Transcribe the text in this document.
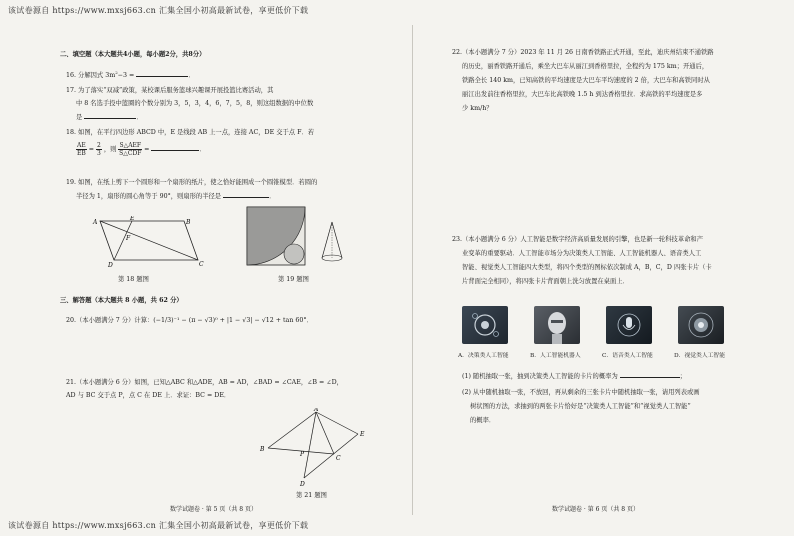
该试卷源自 https://www.mxsj663.cn 汇集全国小初高最新试卷，享更低价下载
二、填空题（本大题共4小题，每小题2分，共8分）
16. 分解因式 $3m^2-3$ =	．
17. 为了落实“双减”政策，某校课后服务篮球兴趣课开展投篮比赛活动，其
中 8 名选手投中篮圈的个数分别为 3，5，3，4，6，7，5，8，则这组数据的中位数
是	．
18. 如图，在平行四边形 ABCD 中，E 是线段 AB 上一点，连接 AC，DE 交于点 F．若
$\frac{AE}{EB} = \frac{2}{3}$ ，则 $\frac{\text{S△AEF}}{\text{S△CDF}}$ =	．
19. 如图，在纸上剪下一个圆形和一个扇形的纸片，使之恰好能围成一个圆锥模型．若圆的
半径为 1，扇形的圆心角等于 90°，则扇形的半径是	．
A	B
C
D
E
F
第 18 题图	第 19 题图
三、解答题（本大题共 8 小题，共 62 分）
20.（本小题满分 7 分）计算：(−1/3)⁻¹ − (π − √3)⁰ + |1 − √3| − √12 + tan 60°．
21.（本小题满分 6 分）如图，已知△ABC 和△ADE，AB = AD，∠BAD = ∠CAE，∠B = ∠D，
AD 与 BC 交于点 P，点 C 在 DE 上．求证：BC = DE．
A
B
C
D
E
P
第 21 题图
数学试题卷 · 第 5 页（共 8 页）
22.（本小题满分 7 分）2023 年 11 月 26 日南香铁路正式开通，至此，迪庆州结束不通铁路
的历史，丽香铁路开通后，乘坐大巴车从丽江到香格里拉，全程约为 175 km；开通后，
铁路全长 140 km，已知高铁的平均速度是大巴车平均速度的 2 倍，大巴车和高铁同时从
丽江出发前往香格里拉，大巴车比高铁晚 1.5 h 到达香格里拉．求高铁的平均速度是多
少 km/h？
23.（本小题满分 6 分）人工智能是数字经济高质量发展的引擎，也是新一轮科技革命和产
业变革的重要驱动．人工智能市场分为决策类人工智能、人工智能机器人、语音类人工
智能、视觉类人工智能四大类型，将四个类型的图标依次制成 A，B，C，D 四张卡片（卡
片背面完全相同），将四张卡片背面朝上洗匀放置在桌面上．
A．决策类人工智能	B．人工智能机器人	C．语音类人工智能	D．视觉类人工智能
(1) 随机抽取一张，抽到决策类人工智能的卡片的概率为	；
(2) 从中随机抽取一张，不放回，再从剩余的三张卡片中随机抽取一张，请用列表或画
树状图的方法，求抽到的两张卡片恰好是“决策类人工智能”和“视觉类人工智能”
的概率．
数学试题卷 · 第 6 页（共 8 页）
该试卷源自 https://www.mxsj663.cn 汇集全国小初高最新试卷，享更低价下载
